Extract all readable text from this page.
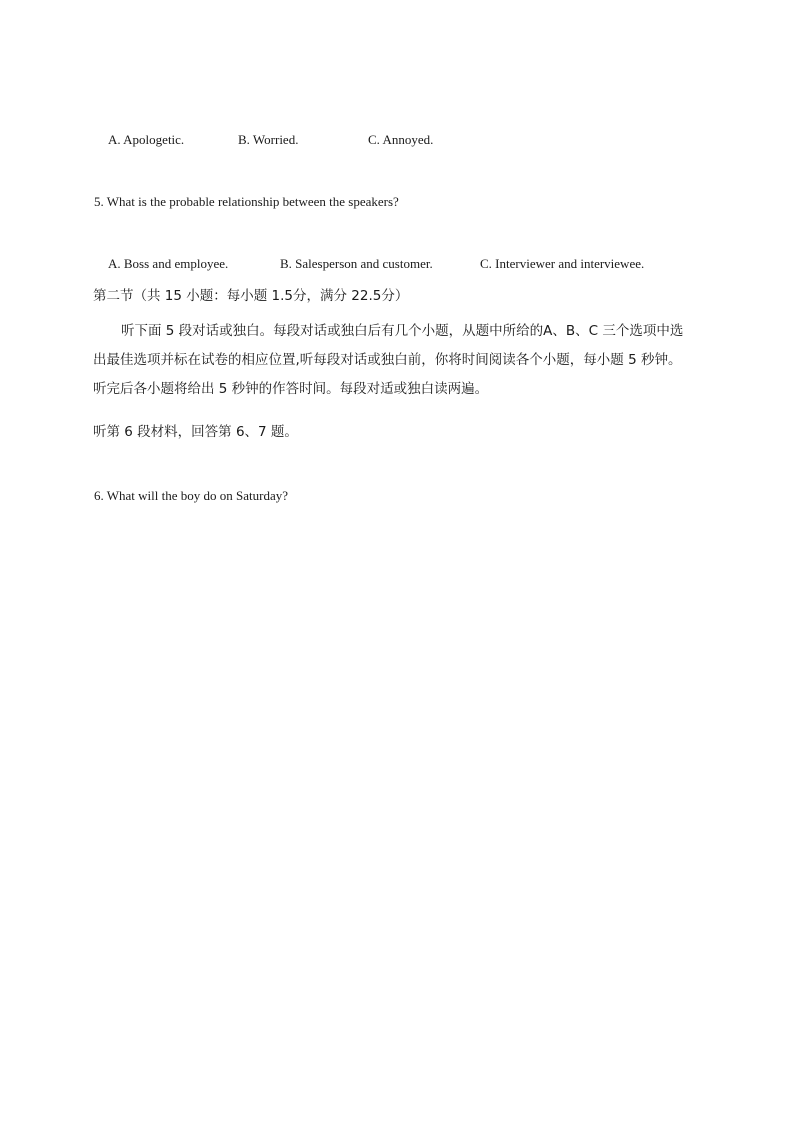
A. Apologetic.	B. Worried.	C. Annoyed.
5. What is the probable relationship between the speakers?
A. Boss and employee.	B. Salesperson and customer.	C. Interviewer and interviewee.
第二节（共 15 小题：每小题 1.5分，满分 22.5分）
听下面 5 段对话或独白。每段对话或独白后有几个小题，从题中所给的A、B、C 三个选项中选
出最佳选项并标在试卷的相应位置,听每段对话或独白前，你将时间阅读各个小题，每小题 5 秒钟。
听完后各小题将给出 5 秒钟的作答时间。每段对适或独白读两遍。
听第 6 段材料，回答第 6、7 题。
6. What will the boy do on Saturday?
